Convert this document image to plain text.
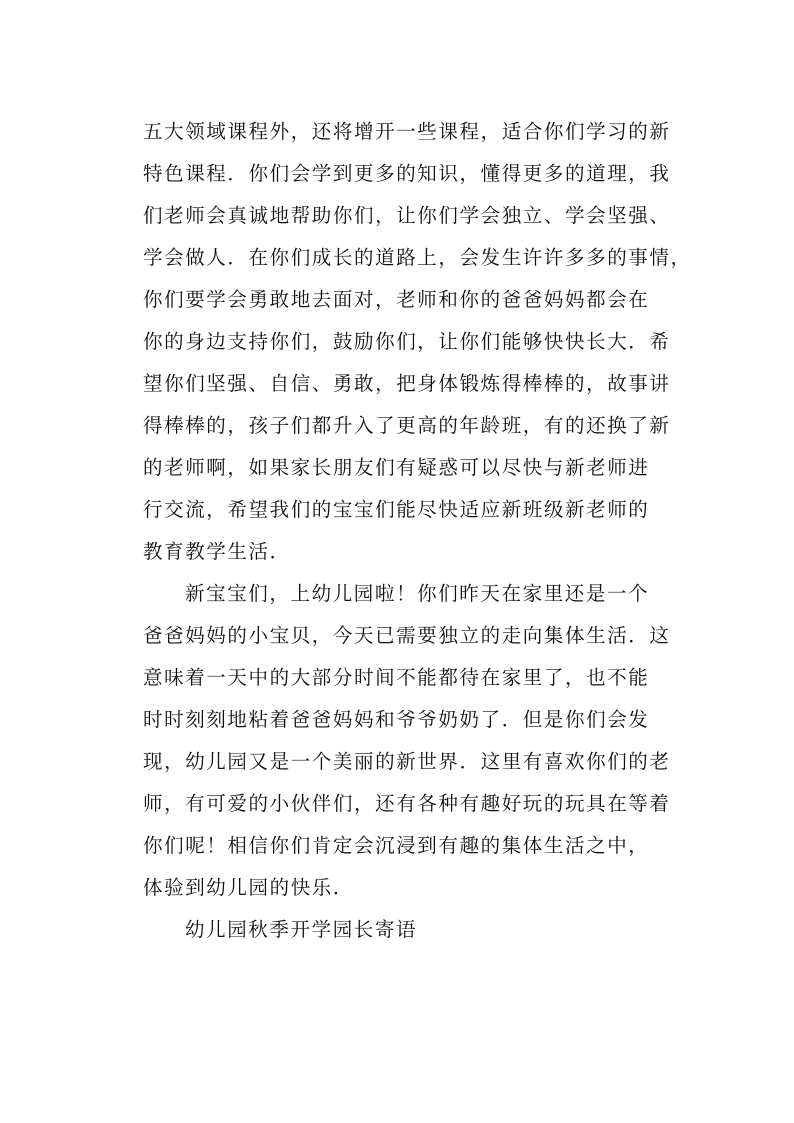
五大领域课程外，还将增开一些课程，适合你们学习的新
特色课程．你们会学到更多的知识，懂得更多的道理，我
们老师会真诚地帮助你们，让你们学会独立、学会坚强、
学会做人．在你们成长的道路上，会发生许许多多的事情，
你们要学会勇敢地去面对，老师和你的爸爸妈妈都会在
你的身边支持你们，鼓励你们，让你们能够快快长大．希
望你们坚强、自信、勇敢，把身体锻炼得棒棒的，故事讲
得棒棒的，孩子们都升入了更高的年龄班，有的还换了新
的老师啊，如果家长朋友们有疑惑可以尽快与新老师进
行交流，希望我们的宝宝们能尽快适应新班级新老师的
教育教学生活．
新宝宝们，上幼儿园啦！你们昨天在家里还是一个
爸爸妈妈的小宝贝，今天已需要独立的走向集体生活．这
意味着一天中的大部分时间不能都待在家里了，也不能
时时刻刻地粘着爸爸妈妈和爷爷奶奶了．但是你们会发
现，幼儿园又是一个美丽的新世界．这里有喜欢你们的老
师，有可爱的小伙伴们，还有各种有趣好玩的玩具在等着
你们呢！相信你们肯定会沉浸到有趣的集体生活之中，
体验到幼儿园的快乐．
幼儿园秋季开学园长寄语
